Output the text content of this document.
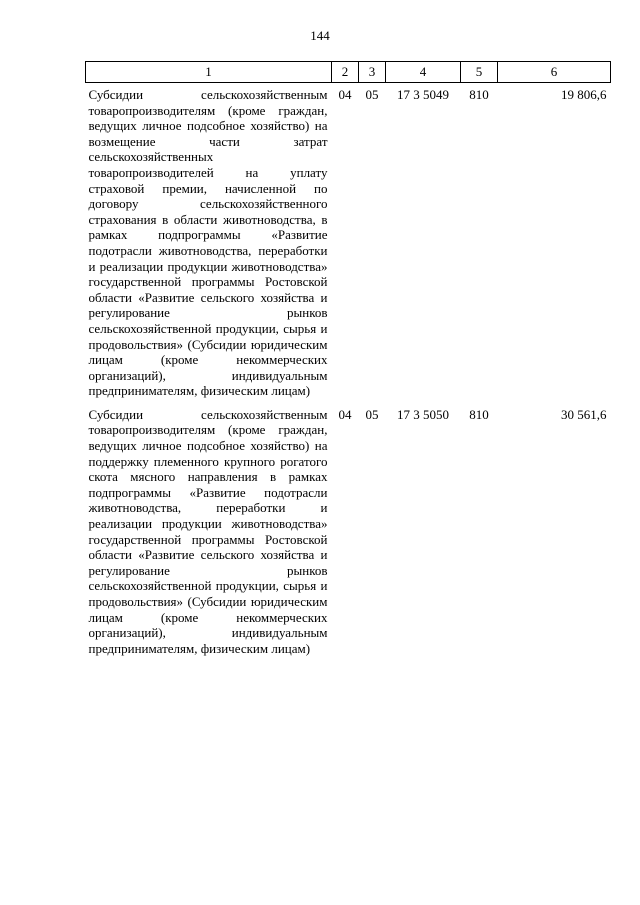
144
1	2	3	4	5	6
Субсидии сельскохозяйственным товаропроизводителям (кроме граждан, ведущих личное подсобное хозяйство) на возмещение части затрат сельскохозяйственных товаропроизводителей на уплату страховой премии, начисленной по договору сельскохозяйственного страхования в области животноводства, в рамках подпрограммы «Развитие подотрасли животноводства, переработки и реализации продукции животноводства» государственной программы Ростовской области «Развитие сельского хозяйства и регулирование рынков сельскохозяйственной продукции, сырья и продовольствия» (Субсидии юридическим лицам (кроме некоммерческих организаций), индивидуальным предпринимателям, физическим лицам)	04	05	17 3 5049	810	19 806,6
Субсидии сельскохозяйственным товаропроизводителям (кроме граждан, ведущих личное подсобное хозяйство) на поддержку племенного крупного рогатого скота мясного направления в рамках подпрограммы «Развитие подотрасли животноводства, переработки и реализации продукции животноводства» государственной программы Ростовской области «Развитие сельского хозяйства и регулирование рынков сельскохозяйственной продукции, сырья и продовольствия» (Субсидии юридическим лицам (кроме некоммерческих организаций), индивидуальным предпринимателям, физическим лицам)	04	05	17 3 5050	810	30 561,6
